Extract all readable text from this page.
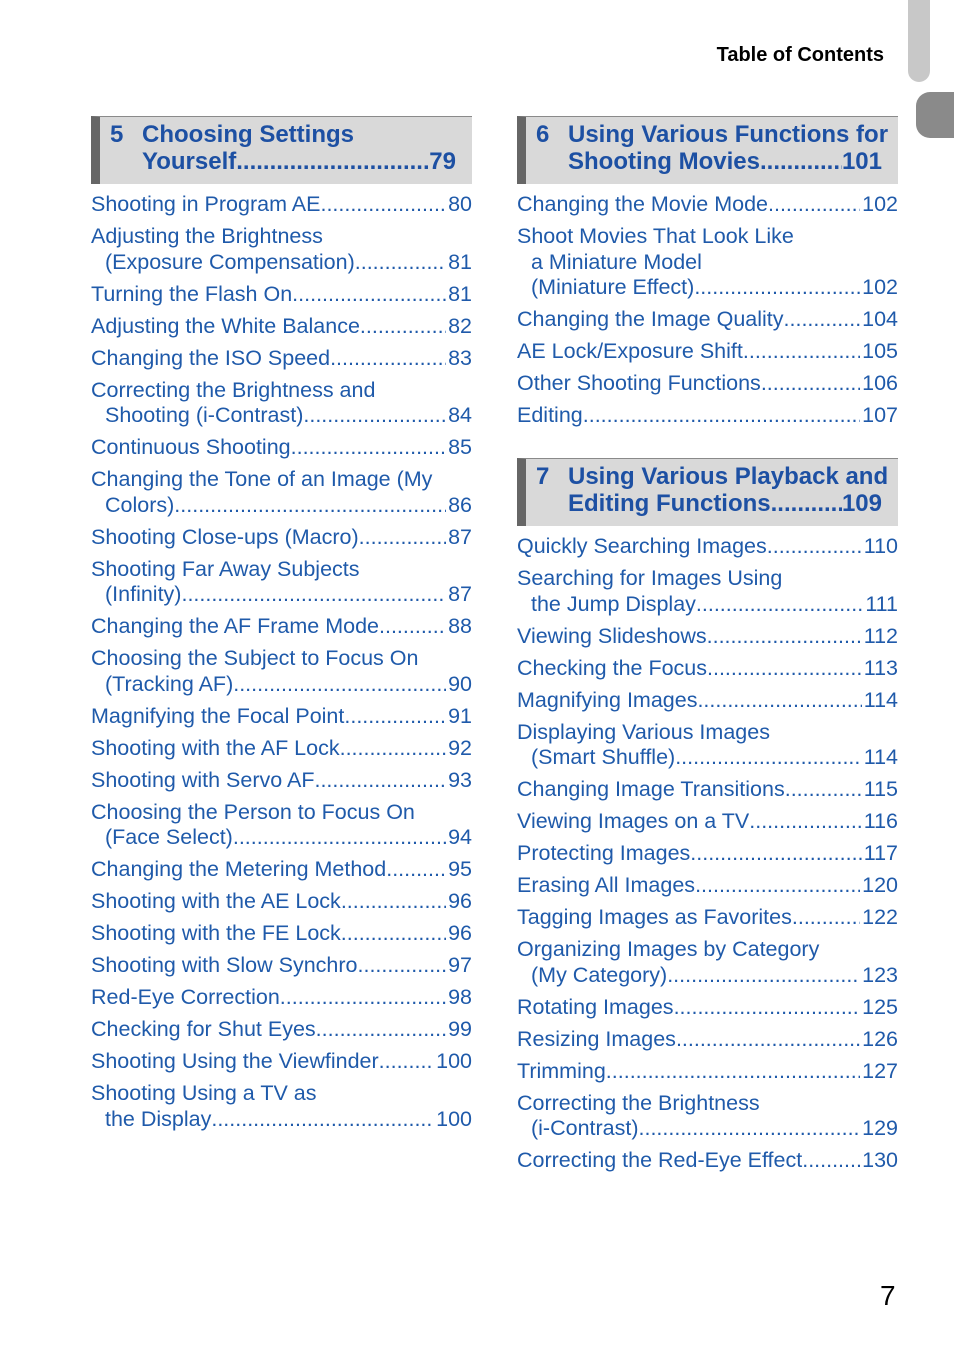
Table of Contents
5 Choosing Settings
Yourself .....	79
Shooting in Program AE .....	80
Adjusting the Brightness
(Exposure Compensation) .....	81
Turning the Flash On .....	81
Adjusting the White Balance .....	82
Changing the ISO Speed .....	83
Correcting the Brightness and
Shooting (i-Contrast) .....	84
Continuous Shooting .....	85
Changing the Tone of an Image (My
Colors) .....	86
Shooting Close-ups (Macro) .....	87
Shooting Far Away Subjects
(Infinity) .....	87
Changing the AF Frame Mode .....	88
Choosing the Subject to Focus On
(Tracking AF) .....	90
Magnifying the Focal Point .....	91
Shooting with the AF Lock .....	92
Shooting with Servo AF .....	93
Choosing the Person to Focus On
(Face Select) .....	94
Changing the Metering Method .....	95
Shooting with the AE Lock .....	96
Shooting with the FE Lock .....	96
Shooting with Slow Synchro .....	97
Red-Eye Correction .....	98
Checking for Shut Eyes .....	99
Shooting Using the Viewfinder .....	100
Shooting Using a TV as
the Display .....	100
6 Using Various Functions for
Shooting Movies .....	101
Changing the Movie Mode .....	102
Shoot Movies That Look Like
a Miniature Model
(Miniature Effect) .....	102
Changing the Image Quality .....	104
AE Lock/Exposure Shift .....	105
Other Shooting Functions .....	106
Editing .....	107
7 Using Various Playback and
Editing Functions .....	109
Quickly Searching Images .....	110
Searching for Images Using
the Jump Display .....	111
Viewing Slideshows .....	112
Checking the Focus .....	113
Magnifying Images .....	114
Displaying Various Images
(Smart Shuffle) .....	114
Changing Image Transitions .....	115
Viewing Images on a TV .....	116
Protecting Images .....	117
Erasing All Images .....	120
Tagging Images as Favorites .....	122
Organizing Images by Category
(My Category) .....	123
Rotating Images .....	125
Resizing Images .....	126
Trimming .....	127
Correcting the Brightness
(i-Contrast) .....	129
Correcting the Red-Eye Effect .....	130
7
